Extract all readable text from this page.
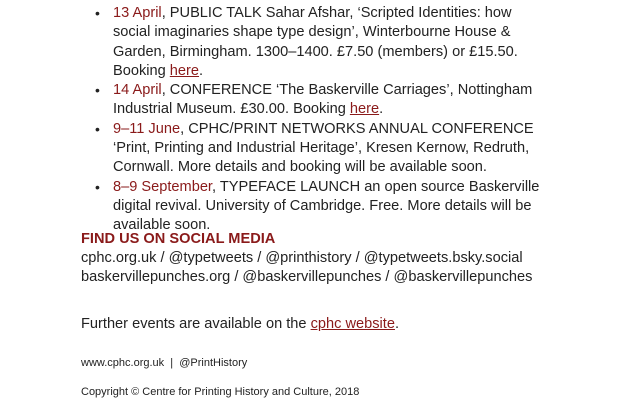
• 13 April, PUBLIC TALK Sahar Afshar, ‘Scripted Identities: how social imaginaries shape type design’, Winterbourne House & Garden, Birmingham. 1300–1400. £7.50 (members) or £15.50. Booking here.
• 14 April, CONFERENCE ‘The Baskerville Carriages’, Nottingham Industrial Museum. £30.00. Booking here.
• 9–11 June, CPHC/PRINT NETWORKS ANNUAL CONFERENCE ‘Print, Printing and Industrial Heritage’, Kresen Kernow, Redruth, Cornwall. More details and booking will be available soon.
• 8–9 September, TYPEFACE LAUNCH an open source Baskerville digital revival. University of Cambridge. Free. More details will be available soon.
FIND US ON SOCIAL MEDIA
cphc.org.uk / @typetweets / @printhistory / @typetweets.bsky.social
baskervillepunches.org / @baskervillepunches / @baskervillepunches
Further events are available on the cphc website.
www.cphc.org.uk  |  @PrintHistory
Copyright © Centre for Printing History and Culture, 2018
